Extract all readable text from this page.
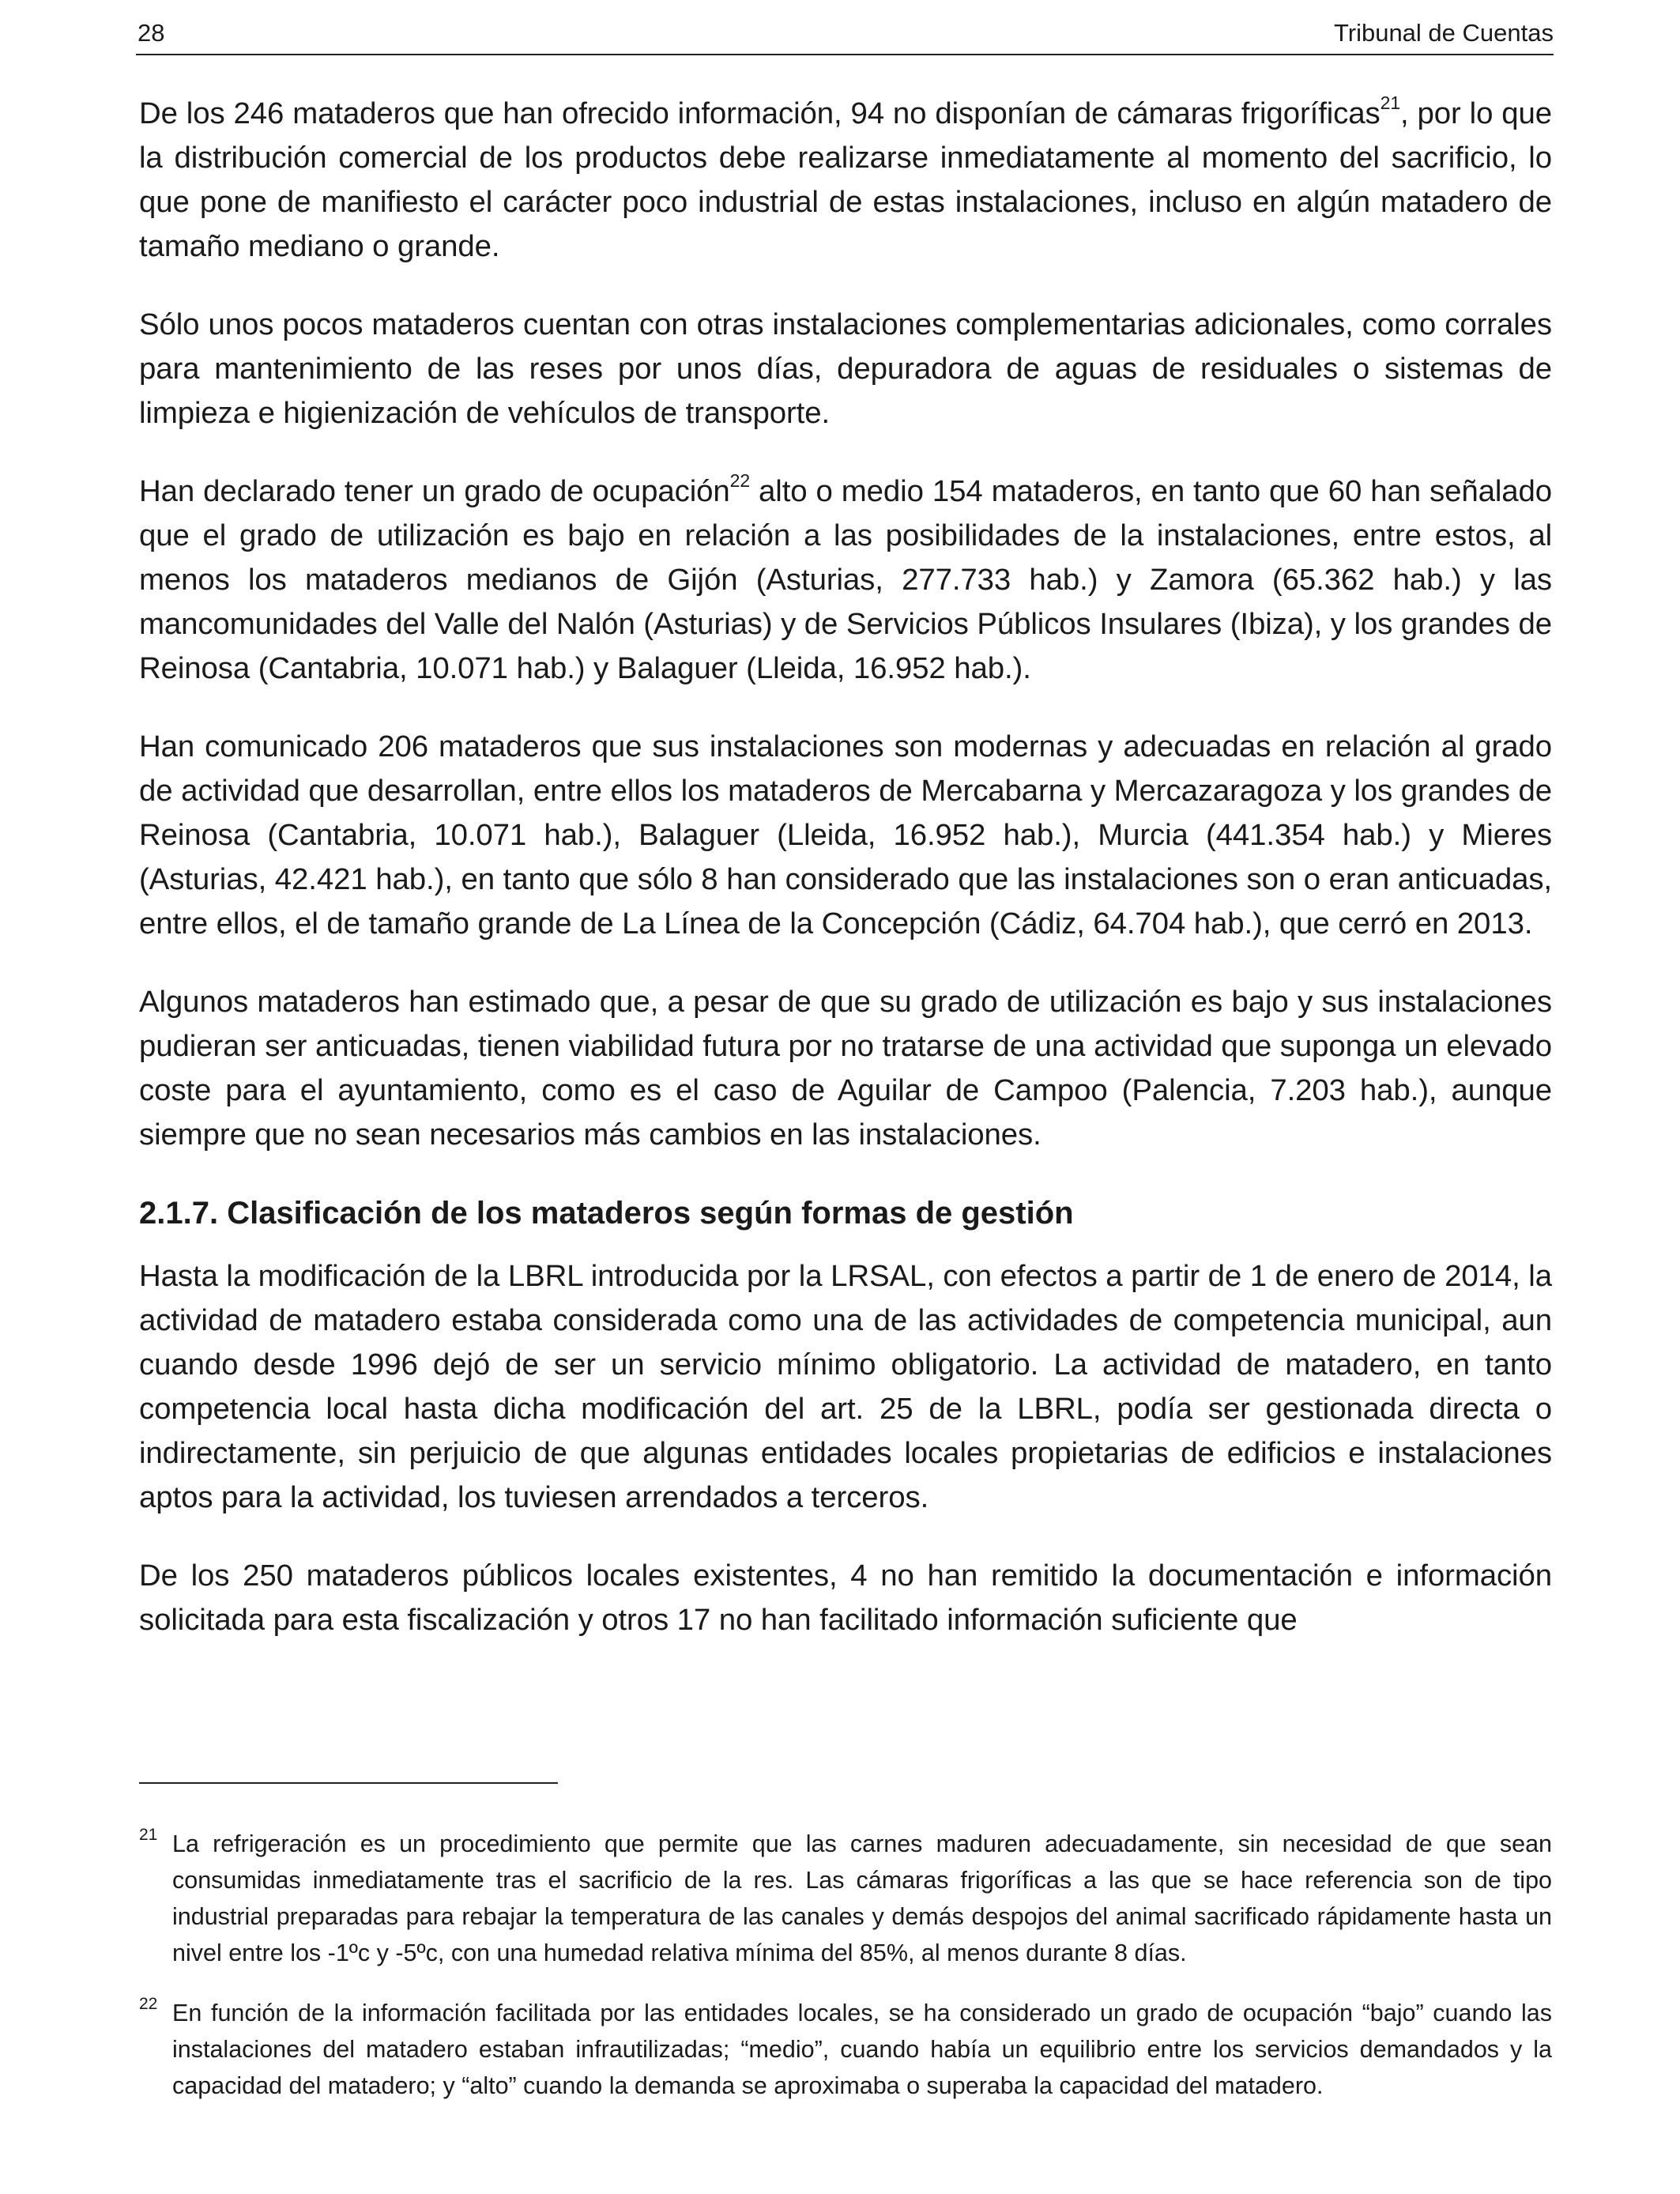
28	Tribunal de Cuentas

De los 246 mataderos que han ofrecido información, 94 no disponían de cámaras frigoríficas$^{21}$, por lo que la distribución comercial de los productos debe realizarse inmediatamente al momento del sacrificio, lo que pone de manifiesto el carácter poco industrial de estas instalaciones, incluso en algún matadero de tamaño mediano o grande.

Sólo unos pocos mataderos cuentan con otras instalaciones complementarias adicionales, como corrales para mantenimiento de las reses por unos días, depuradora de aguas de residuales o sistemas de limpieza e higienización de vehículos de transporte.

Han declarado tener un grado de ocupación$^{22}$ alto o medio 154 mataderos, en tanto que 60 han señalado que el grado de utilización es bajo en relación a las posibilidades de la instalaciones, entre estos, al menos los mataderos medianos de Gijón (Asturias, 277.733 hab.) y Zamora (65.362 hab.) y las mancomunidades del Valle del Nalón (Asturias) y de Servicios Públicos Insulares (Ibiza), y los grandes de Reinosa (Cantabria, 10.071 hab.) y Balaguer (Lleida, 16.952 hab.).

Han comunicado 206 mataderos que sus instalaciones son modernas y adecuadas en relación al grado de actividad que desarrollan, entre ellos los mataderos de Mercabarna y Mercazaragoza y los grandes de Reinosa (Cantabria, 10.071 hab.), Balaguer (Lleida, 16.952 hab.), Murcia (441.354 hab.) y Mieres (Asturias, 42.421 hab.), en tanto que sólo 8 han considerado que las instalaciones son o eran anticuadas, entre ellos, el de tamaño grande de La Línea de la Concepción (Cádiz, 64.704 hab.), que cerró en 2013.

Algunos mataderos han estimado que, a pesar de que su grado de utilización es bajo y sus instalaciones pudieran ser anticuadas, tienen viabilidad futura por no tratarse de una actividad que suponga un elevado coste para el ayuntamiento, como es el caso de Aguilar de Campoo (Palencia, 7.203 hab.), aunque siempre que no sean necesarios más cambios en las instalaciones.

2.1.7. Clasificación de los mataderos según formas de gestión

Hasta la modificación de la LBRL introducida por la LRSAL, con efectos a partir de 1 de enero de 2014, la actividad de matadero estaba considerada como una de las actividades de competencia municipal, aun cuando desde 1996 dejó de ser un servicio mínimo obligatorio. La actividad de matadero, en tanto competencia local hasta dicha modificación del art. 25 de la LBRL, podía ser gestionada directa o indirectamente, sin perjuicio de que algunas entidades locales propietarias de edificios e instalaciones aptos para la actividad, los tuviesen arrendados a terceros.

De los 250 mataderos públicos locales existentes, 4 no han remitido la documentación e información solicitada para esta fiscalización y otros 17 no han facilitado información suficiente que

21 La refrigeración es un procedimiento que permite que las carnes maduren adecuadamente, sin necesidad de que sean consumidas inmediatamente tras el sacrificio de la res. Las cámaras frigoríficas a las que se hace referencia son de tipo industrial preparadas para rebajar la temperatura de las canales y demás despojos del animal sacrificado rápidamente hasta un nivel entre los -1ºc y -5ºc, con una humedad relativa mínima del 85%, al menos durante 8 días.
22 En función de la información facilitada por las entidades locales, se ha considerado un grado de ocupación “bajo” cuando las instalaciones del matadero estaban infrautilizadas; “medio”, cuando había un equilibrio entre los servicios demandados y la capacidad del matadero; y “alto” cuando la demanda se aproximaba o superaba la capacidad del matadero.
